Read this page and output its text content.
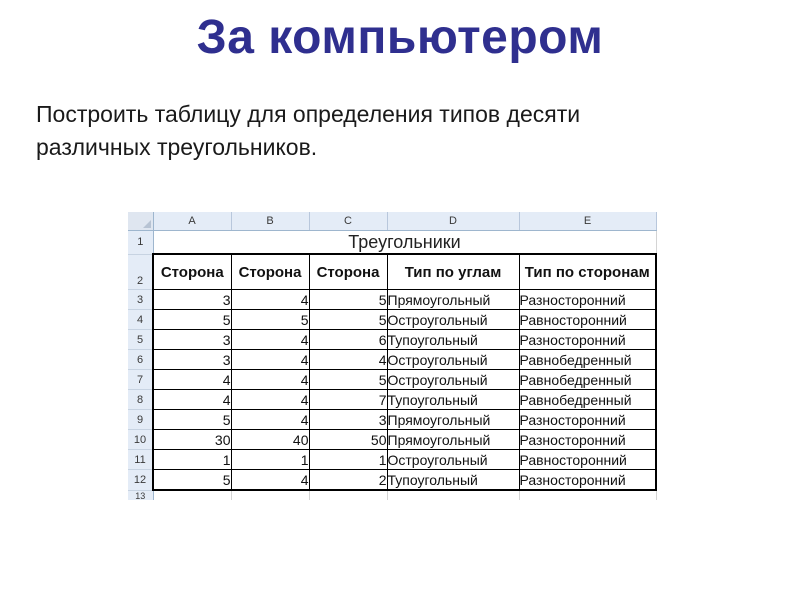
За компьютером
Построить таблицу для определения типов десяти
различных треугольников.
	A	B	C	D	E
1	Треугольники				
2	Сторона	Сторона	Сторона	Тип по углам	Тип по сторонам
3	3	4	5	Прямоугольный	Разносторонний
4	5	5	5	Остроугольный	Равносторонний
5	3	4	6	Тупоугольный	Разносторонний
6	3	4	4	Остроугольный	Равнобедренный
7	4	4	5	Остроугольный	Равнобедренный
8	4	4	7	Тупоугольный	Равнобедренный
9	5	4	3	Прямоугольный	Разносторонний
10	30	40	50	Прямоугольный	Разносторонний
11	1	1	1	Остроугольный	Равносторонний
12	5	4	2	Тупоугольный	Разносторонний
13					
